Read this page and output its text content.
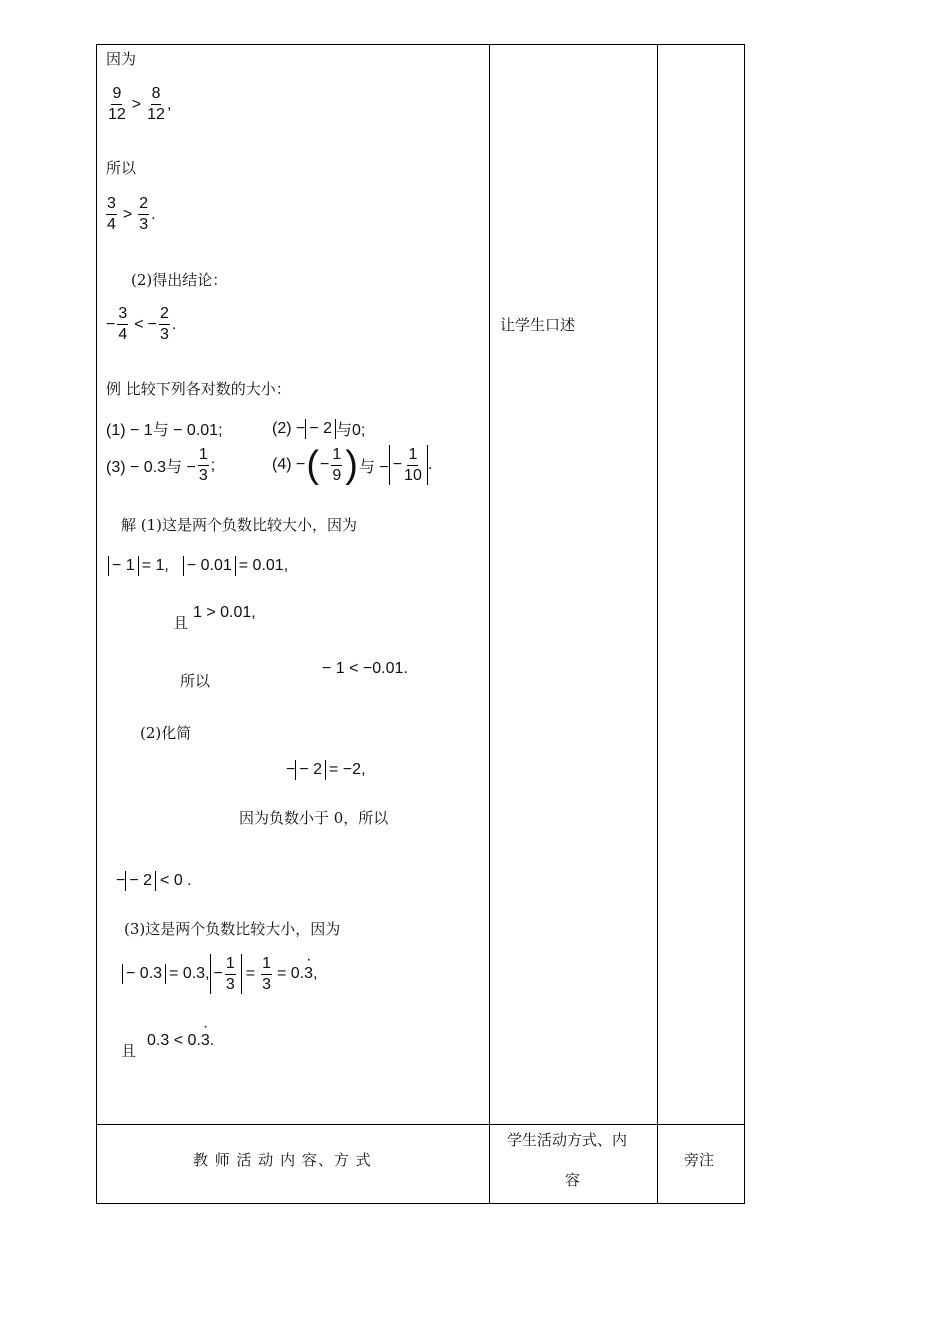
因为
$\frac{9}{12} > \frac{8}{12}$ ,
所以
$\frac{3}{4} > \frac{2}{3}$ .
(2)得出结论：
− $\frac{3}{4}$ < − $\frac{2}{3}$ .
例 比较下列各对数的大小：
(1) − 1与 − 0.01;	(2) − − 2 与0;
(3) − 0.3与 − $\frac{1}{3}$ ;	(4) − ( − $\frac{1}{9}$ ) 与 − − $\frac{1}{10}$ .
解 (1)这是两个负数比较大小，因为
− 1 = 1, − 0.01 = 0.01,
且
1 > 0.01,
所以
− 1 < −0.01.
(2)化简
− − 2 = −2,
因为负数小于 0，所以
− − 2 < 0 .
(3)这是两个负数比较大小，因为
− 0.3 = 0.3, − $\frac{1}{3} = \frac{1}{3} = 0$. · 3 ,
且
0.3 < 0. · 3 .
让学生口述
教 师 活 动 内 容、方 式
学生活动方式、内
容
旁注
